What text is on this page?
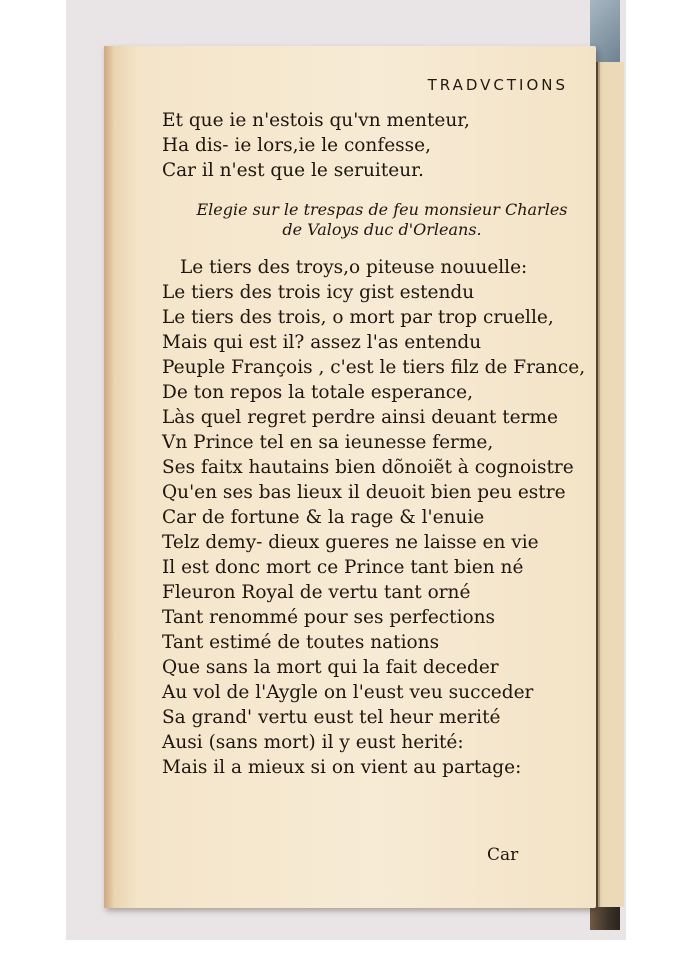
TRADVCTIONS
Et que ie n'estois qu'vn menteur,
Ha dis- ie lors,ie le confesse,
Car il n'est que le seruiteur.
Elegie sur le trespas de feu monsieur Charles
de Valoys duc d'Orleans.
Le tiers des troys,o piteuse nouuelle:
Le tiers des trois icy gist estendu
Le tiers des trois, o mort par trop cruelle,
Mais qui est il? assez l'as entendu
Peuple François , c'est le tiers filz de France,
De ton repos la totale esperance,
Làs quel regret perdre ainsi deuant terme
Vn Prince tel en sa ieunesse ferme,
Ses faitx hautains bien dõnoiẽt à cognoistre
Qu'en ses bas lieux il deuoit bien peu estre
Car de fortune & la rage & l'enuie
Telz demy- dieux gueres ne laisse en vie
Il est donc mort ce Prince tant bien né
Fleuron Royal de vertu tant orné
Tant renommé pour ses perfections
Tant estimé de toutes nations
Que sans la mort qui la fait deceder
Au vol de l'Aygle on l'eust veu succeder
Sa grand' vertu eust tel heur merité
Ausi (sans mort) il y eust herité:
Mais il a mieux si on vient au partage:
Car
